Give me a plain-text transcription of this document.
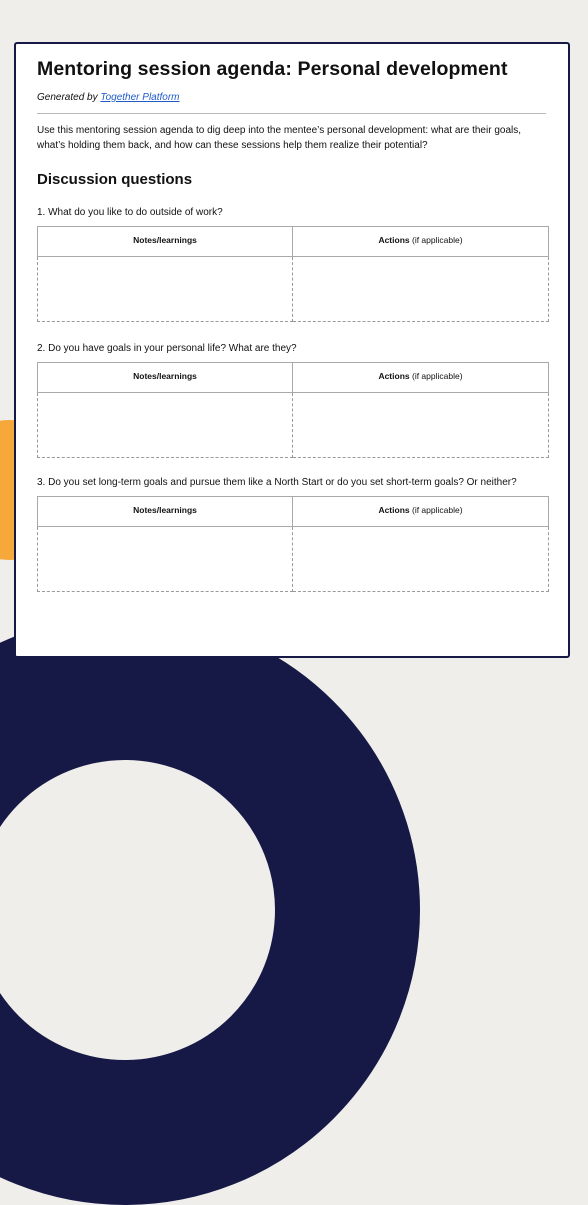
Mentoring session agenda: Personal development
Generated by Together Platform
Use this mentoring session agenda to dig deep into the mentee’s personal development: what are their goals, what’s holding them back, and how can these sessions help them realize their potential?
Discussion questions
1. What do you like to do outside of work?
Notes/learnings	Actions (if applicable)
2. Do you have goals in your personal life? What are they?
Notes/learnings	Actions (if applicable)
3. Do you set long-term goals and pursue them like a North Start or do you set short-term goals? Or neither?
Notes/learnings	Actions (if applicable)
